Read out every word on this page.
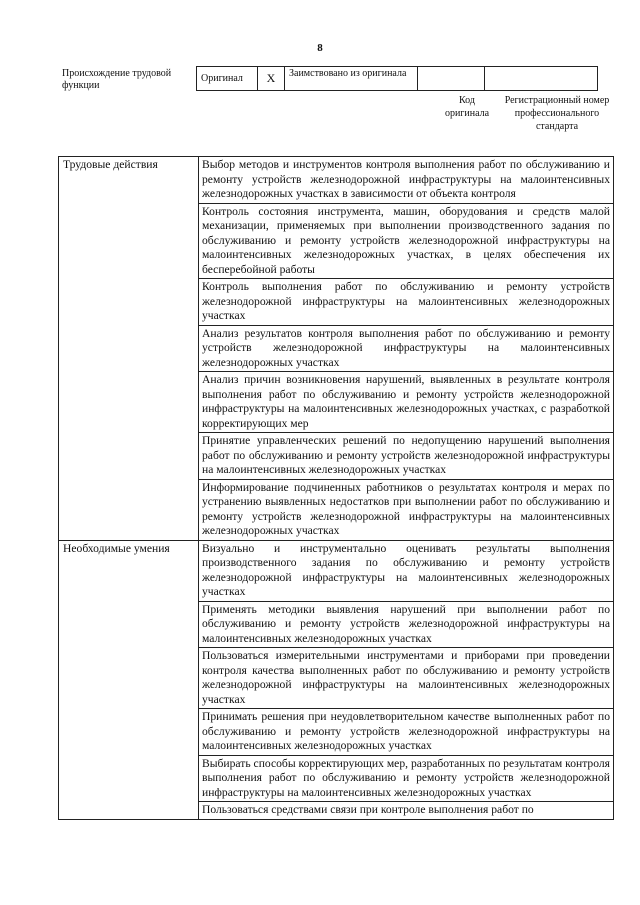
8
Происхождение трудовой функции
Оригинал	X	Заимствовано из оригинала		
Код оригинала
Регистрационный номер профессионального стандарта
Трудовые действия	Выбор методов и инструментов контроля выполнения работ по обслуживанию и ремонту устройств железнодорожной инфраструктуры на малоинтенсивных железнодорожных участках в зависимости от объекта контроля
	Контроль состояния инструмента, машин, оборудования и средств малой механизации, применяемых при выполнении производственного задания по обслуживанию и ремонту устройств железнодорожной инфраструктуры на малоинтенсивных железнодорожных участках, в целях обеспечения их бесперебойной работы
	Контроль выполнения работ по обслуживанию и ремонту устройств железнодорожной инфраструктуры на малоинтенсивных железнодорожных участках
	Анализ результатов контроля выполнения работ по обслуживанию и ремонту устройств железнодорожной инфраструктуры на малоинтенсивных железнодорожных участках
	Анализ причин возникновения нарушений, выявленных в результате контроля выполнения работ по обслуживанию и ремонту устройств железнодорожной инфраструктуры на малоинтенсивных железнодорожных участках, с разработкой корректирующих мер
	Принятие управленческих решений по недопущению нарушений выполнения работ по обслуживанию и ремонту устройств железнодорожной инфраструктуры на малоинтенсивных железнодорожных участках
	Информирование подчиненных работников о результатах контроля и мерах по устранению выявленных недостатков при выполнении работ по обслуживанию и ремонту устройств железнодорожной инфраструктуры на малоинтенсивных железнодорожных участках
Необходимые умения	Визуально и инструментально оценивать результаты выполнения производственного задания по обслуживанию и ремонту устройств железнодорожной инфраструктуры на малоинтенсивных железнодорожных участках
	Применять методики выявления нарушений при выполнении работ по обслуживанию и ремонту устройств железнодорожной инфраструктуры на малоинтенсивных железнодорожных участках
	Пользоваться измерительными инструментами и приборами при проведении контроля качества выполненных работ по обслуживанию и ремонту устройств железнодорожной инфраструктуры на малоинтенсивных железнодорожных участках
	Принимать решения при неудовлетворительном качестве выполненных работ по обслуживанию и ремонту устройств железнодорожной инфраструктуры на малоинтенсивных железнодорожных участках
	Выбирать способы корректирующих мер, разработанных по результатам контроля выполнения работ по обслуживанию и ремонту устройств железнодорожной инфраструктуры на малоинтенсивных железнодорожных участках
	Пользоваться средствами связи при контроле выполнения работ по
